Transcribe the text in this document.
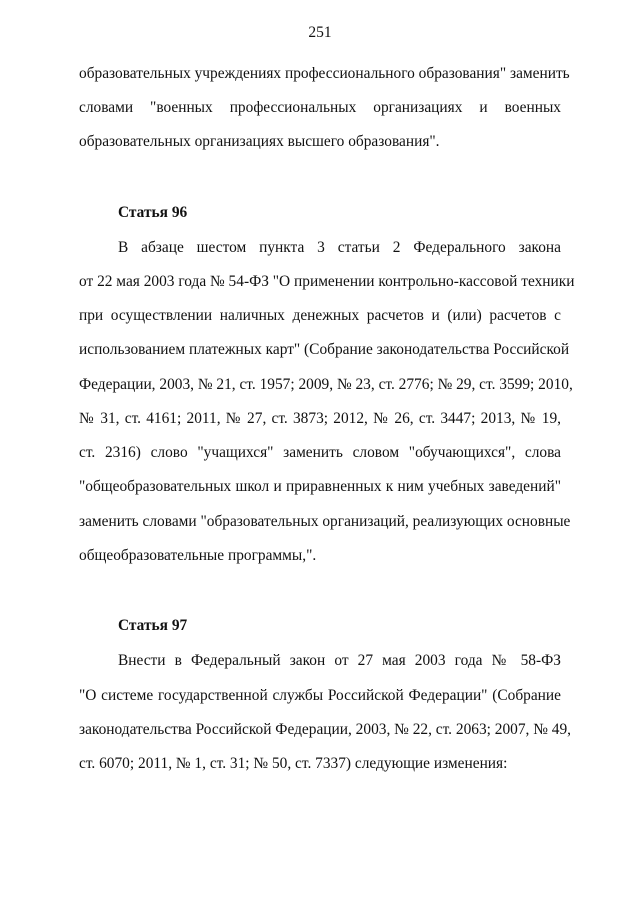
251
образовательных учреждениях профессионального образования" заменить
словами "военных профессиональных организациях и военных
образовательных организациях высшего образования".
Статья 96
В абзаце шестом пункта 3 статьи 2 Федерального закона
от 22 мая 2003 года № 54-ФЗ "О применении контрольно-кассовой техники
при осуществлении наличных денежных расчетов и (или) расчетов с
использованием платежных карт" (Собрание законодательства Российской
Федерации, 2003, № 21, ст. 1957; 2009, № 23, ст. 2776; № 29, ст. 3599; 2010,
№ 31, ст. 4161; 2011, № 27, ст. 3873; 2012, № 26, ст. 3447; 2013, № 19,
ст. 2316) слово "учащихся" заменить словом "обучающихся", слова
"общеобразовательных школ и приравненных к ним учебных заведений"
заменить словами "образовательных организаций, реализующих основные
общеобразовательные программы,".
Статья 97
Внести в Федеральный закон от 27 мая 2003 года № 58-ФЗ
"О системе государственной службы Российской Федерации" (Собрание
законодательства Российской Федерации, 2003, № 22, ст. 2063; 2007, № 49,
ст. 6070; 2011, № 1, ст. 31; № 50, ст. 7337) следующие изменения:
